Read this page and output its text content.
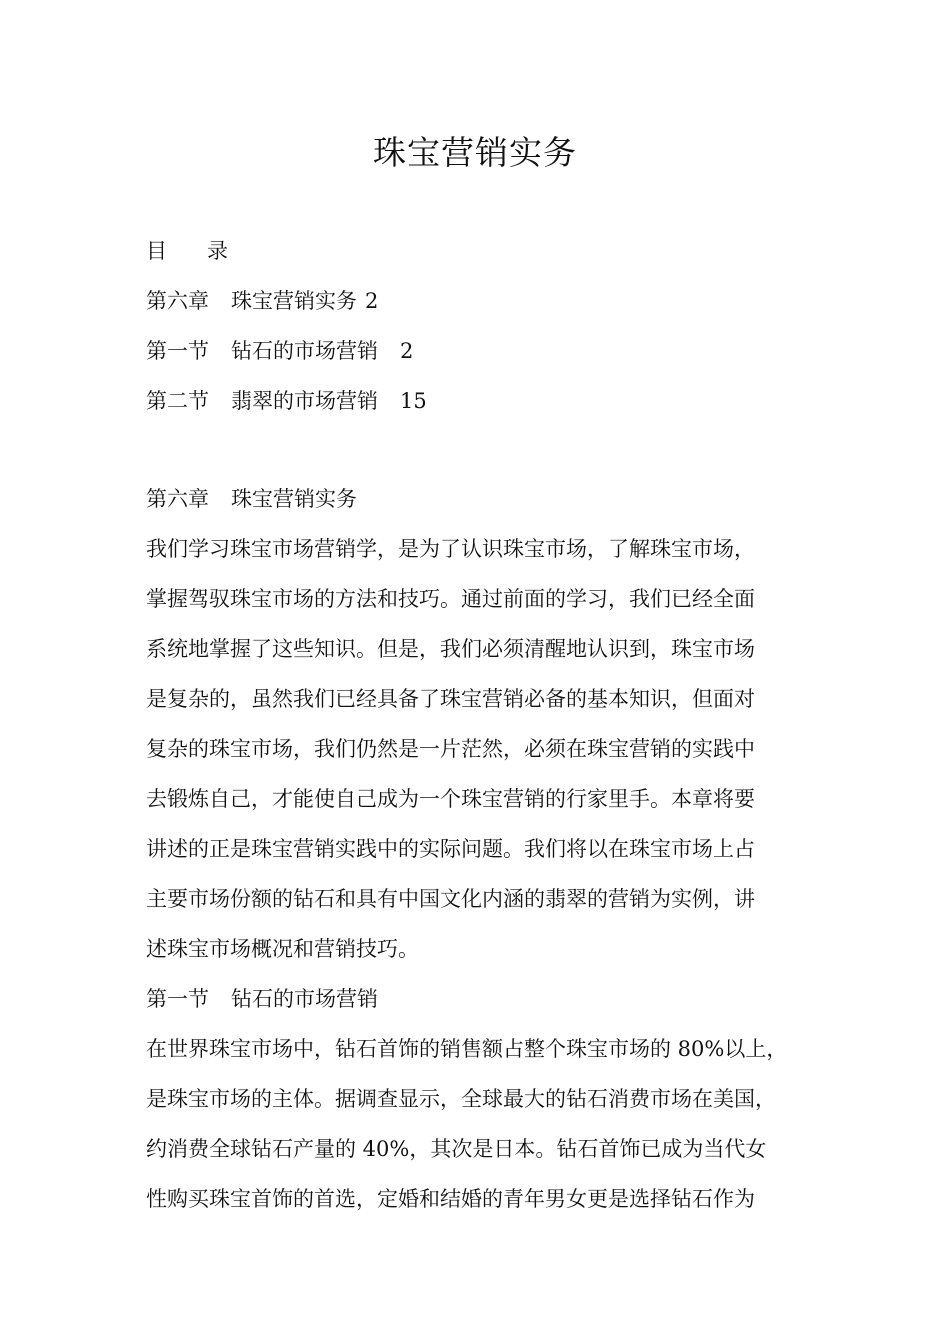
珠宝营销实务
目 录
第六章 珠宝营销实务 2
第一节 钻石的市场营销 2
第二节 翡翠的市场营销 15
第六章 珠宝营销实务

我们学习珠宝市场营销学，是为了认识珠宝市场，了解珠宝市场，

掌握驾驭珠宝市场的方法和技巧。通过前面的学习，我们已经全面

系统地掌握了这些知识。但是，我们必须清醒地认识到，珠宝市场

是复杂的，虽然我们已经具备了珠宝营销必备的基本知识，但面对

复杂的珠宝市场，我们仍然是一片茫然，必须在珠宝营销的实践中

去锻炼自己，才能使自己成为一个珠宝营销的行家里手。本章将要

讲述的正是珠宝营销实践中的实际问题。我们将以在珠宝市场上占

主要市场份额的钻石和具有中国文化内涵的翡翠的营销为实例，讲

述珠宝市场概况和营销技巧。

第一节 钻石的市场营销

在世界珠宝市场中，钻石首饰的销售额占整个珠宝市场的 80%以上，

是珠宝市场的主体。据调查显示，全球最大的钻石消费市场在美国，

约消费全球钻石产量的 40%，其次是日本。钻石首饰已成为当代女

性购买珠宝首饰的首选，定婚和结婚的青年男女更是选择钻石作为
